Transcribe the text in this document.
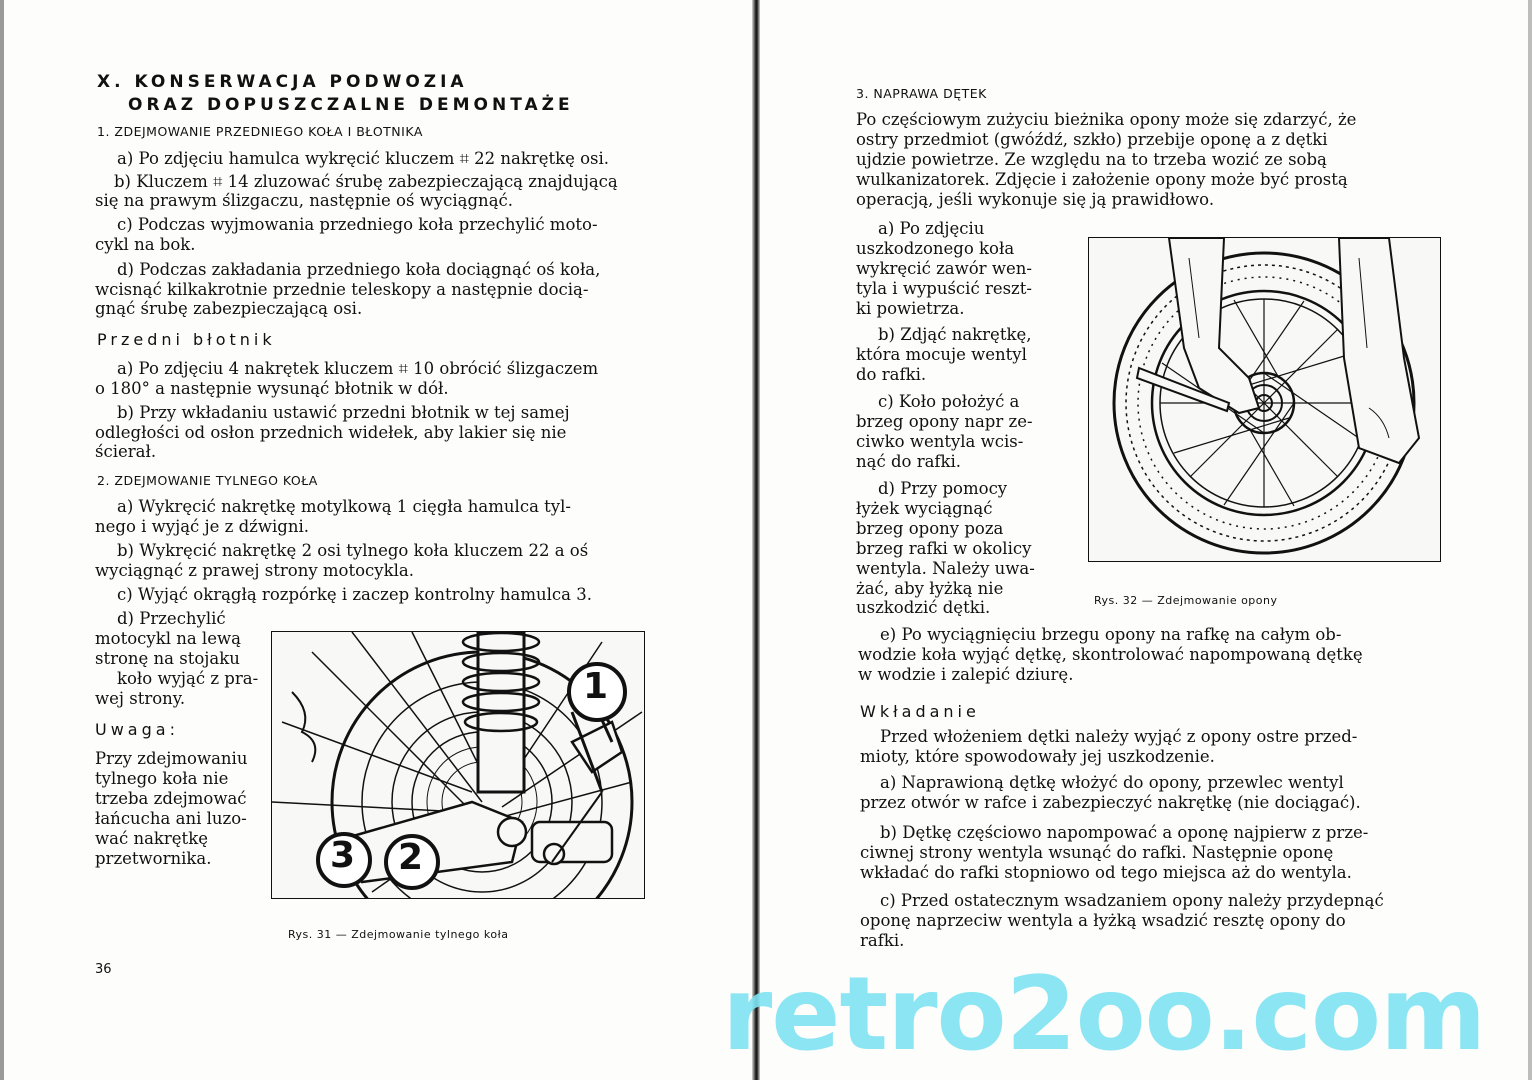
X. KONSERWACJA PODWOZIA
ORAZ DOPUSZCZALNE DEMONTAŻE
1. ZDEJMOWANIE PRZEDNIEGO KOŁA I BŁOTNIKA
a) Po zdjęciu hamulca wykręcić kluczem ⌗ 22 nakrętkę osi.
b) Kluczem ⌗ 14 zluzować śrubę zabezpieczającą znajdującą
się na prawym ślizgaczu, następnie oś wyciągnąć.
c) Podczas wyjmowania przedniego koła przechylić moto-
cykl na bok.
d) Podczas zakładania przedniego koła dociągnąć oś koła,
wcisnąć kilkakrotnie przednie teleskopy a następnie docią-
gnąć śrubę zabezpieczającą osi.
Przedni błotnik
a) Po zdjęciu 4 nakrętek kluczem ⌗ 10 obrócić ślizgaczem
o 180° a następnie wysunąć błotnik w dół.
b) Przy wkładaniu ustawić przedni błotnik w tej samej
odległości od osłon przednich widełek, aby lakier się nie
ścierał.
2. ZDEJMOWANIE TYLNEGO KOŁA
a) Wykręcić nakrętkę motylkową 1 cięgła hamulca tyl-
nego i wyjąć je z dźwigni.
b) Wykręcić nakrętkę 2 osi tylnego koła kluczem 22 a oś
wyciągnąć z prawej strony motocykla.
c) Wyjąć okrągłą rozpórkę i zaczep kontrolny hamulca 3.
d) Przechylić
motocykl na lewą
stronę na stojaku
koło wyjąć z pra-
wej strony.
Uwaga:
Przy zdejmowaniu
tylnego koła nie
trzeba zdejmować
łańcucha ani luzo-
wać nakrętkę
przetwornika.
1
2
3
Rys. 31 — Zdejmowanie tylnego koła
36
3. NAPRAWA DĘTEK
Po częściowym zużyciu bieżnika opony może się zdarzyć, że
ostry przedmiot (gwóźdź, szkło) przebije oponę a z dętki
ujdzie powietrze. Ze względu na to trzeba wozić ze sobą
wulkanizatorek. Zdjęcie i założenie opony może być prostą
operacją, jeśli wykonuje się ją prawidłowo.
a) Po zdjęciu
uszkodzonego koła
wykręcić zawór wen-
tyla i wypuścić reszt-
ki powietrza.
b) Zdjąć nakrętkę,
która mocuje wentyl
do rafki.
c) Koło położyć a
brzeg opony napr ze-
ciwko wentyla wcis-
nąć do rafki.
d) Przy pomocy
łyżek wyciągnąć
brzeg opony poza
brzeg rafki w okolicy
wentyla. Należy uwa-
żać, aby łyżką nie
uszkodzić dętki.	Rys. 32 — Zdejmowanie opony
e) Po wyciągnięciu brzegu opony na rafkę na całym ob-
wodzie koła wyjąć dętkę, skontrolować napompowaną dętkę
w wodzie i zalepić dziurę.
Wkładanie
Przed włożeniem dętki należy wyjąć z opony ostre przed-
mioty, które spowodowały jej uszkodzenie.
a) Naprawioną dętkę włożyć do opony, przewlec wentyl
przez otwór w rafce i zabezpieczyć nakrętkę (nie dociągać).
b) Dętkę częściowo napompować a oponę najpierw z prze-
ciwnej strony wentyla wsunąć do rafki. Następnie oponę
wkładać do rafki stopniowo od tego miejsca aż do wentyla.
c) Przed ostatecznym wsadzaniem opony należy przydepnąć
oponę naprzeciw wentyla a łyżką wsadzić resztę opony do
rafki.
retro2oo.com
